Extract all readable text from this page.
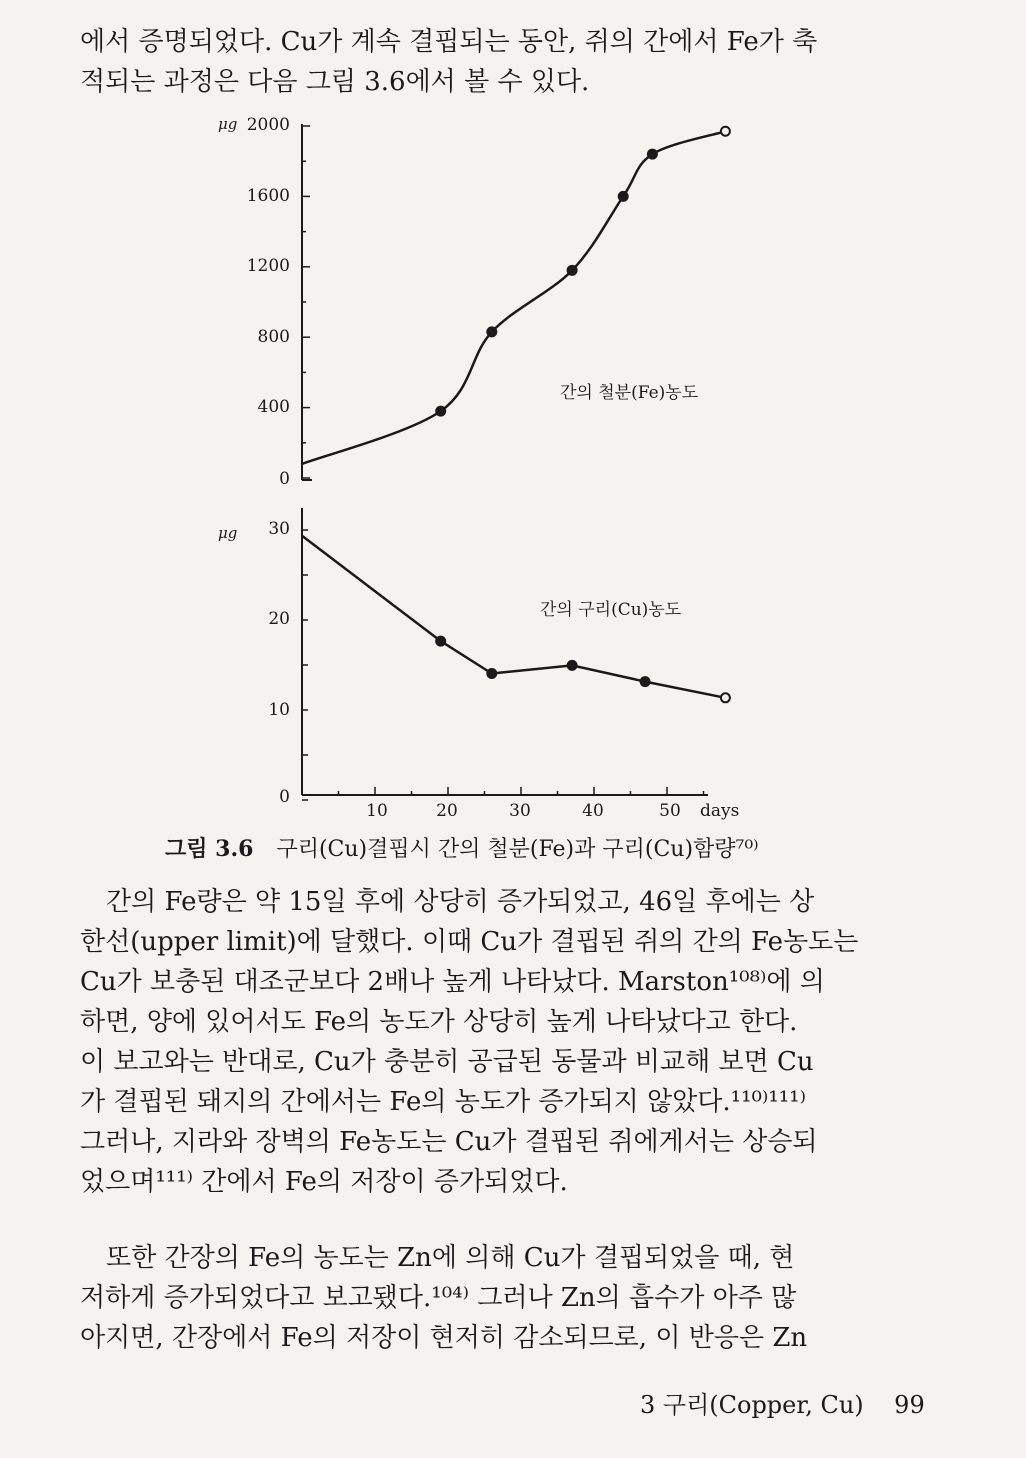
에서 증명되었다. Cu가 계속 결핍되는 동안, 쥐의 간에서 Fe가 축
적되는 과정은 다음 그림 3.6에서 볼 수 있다.

μg 2000
1600
1200
800
400
0
간의 철분(Fe)농도
μg 30
20
10
0
10	20	30	40	50 days
간의 구리(Cu)농도
그림 3.6 구리(Cu)결핍시 간의 철분(Fe)과 구리(Cu)함량⁷⁰⁾

간의 Fe량은 약 15일 후에 상당히 증가되었고, 46일 후에는 상
한선(upper limit)에 달했다. 이때 Cu가 결핍된 쥐의 간의 Fe농도는
Cu가 보충된 대조군보다 2배나 높게 나타났다. Marston¹⁰⁸⁾에 의
하면, 양에 있어서도 Fe의 농도가 상당히 높게 나타났다고 한다.
이 보고와는 반대로, Cu가 충분히 공급된 동물과 비교해 보면 Cu
가 결핍된 돼지의 간에서는 Fe의 농도가 증가되지 않았다.¹¹⁰⁾¹¹¹⁾
그러나, 지라와 장벽의 Fe농도는 Cu가 결핍된 쥐에게서는 상승되
었으며¹¹¹⁾ 간에서 Fe의 저장이 증가되었다.

또한 간장의 Fe의 농도는 Zn에 의해 Cu가 결핍되었을 때, 현
저하게 증가되었다고 보고됐다.¹⁰⁴⁾ 그러나 Zn의 흡수가 아주 많
아지면, 간장에서 Fe의 저장이 현저히 감소되므로, 이 반응은 Zn

3 구리(Copper, Cu) 99
